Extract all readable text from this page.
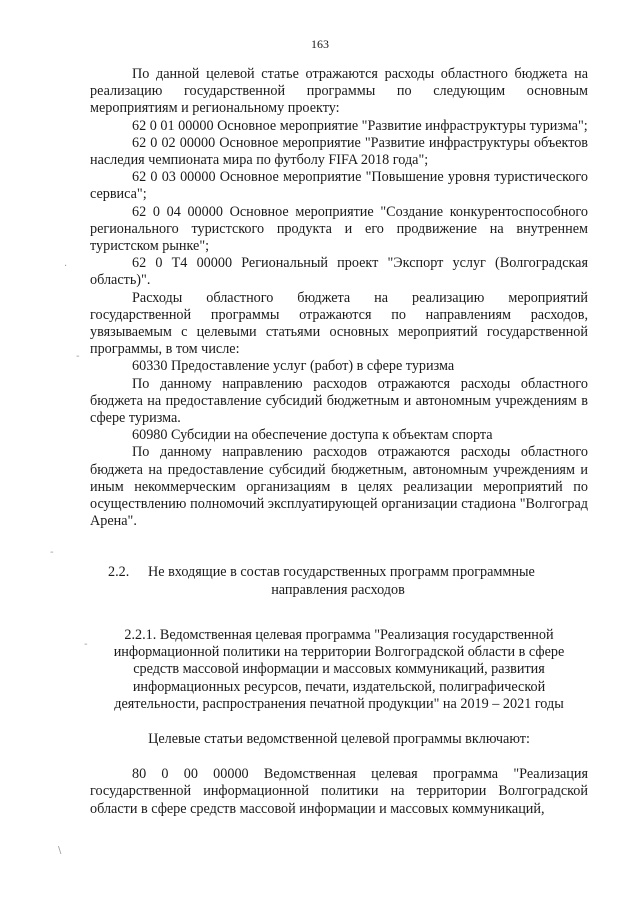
163

По данной целевой статье отражаются расходы областного бюджета на реализацию государственной программы по следующим основным мероприятиям и региональному проекту:

62 0 01 00000 Основное мероприятие "Развитие инфраструктуры туризма";

62 0 02 00000 Основное мероприятие "Развитие инфраструктуры объектов наследия чемпионата мира по футболу FIFA 2018 года";

62 0 03 00000 Основное мероприятие "Повышение уровня туристического сервиса";

62 0 04 00000 Основное мероприятие "Создание конкурентоспособного регионального туристского продукта и его продвижение на внутреннем туристском рынке";

62 0 Т4 00000 Региональный проект "Экспорт услуг (Волгоградская область)".

Расходы областного бюджета на реализацию мероприятий государственной программы отражаются по направлениям расходов, увязываемым с целевыми статьями основных мероприятий государственной программы, в том числе:

60330 Предоставление услуг (работ) в сфере туризма

По данному направлению расходов отражаются расходы областного бюджета на предоставление субсидий бюджетным и автономным учреждениям в сфере туризма.

60980 Субсидии на обеспечение доступа к объектам спорта

По данному направлению расходов отражаются расходы областного бюджета на предоставление субсидий бюджетным, автономным учреждениям и иным некоммерческим организациям в целях реализации мероприятий по осуществлению полномочий эксплуатирующей организации стадиона "Волгоград Арена".

2.2. Не входящие в состав государственных программ программные
направления расходов

2.2.1. Ведомственная целевая программа "Реализация государственной информационной политики на территории Волгоградской области в сфере средств массовой информации и массовых коммуникаций, развития информационных ресурсов, печати, издательской, полиграфической деятельности, распространения печатной продукции" на 2019 – 2021 годы

Целевые статьи ведомственной целевой программы включают:

80 0 00 00000 Ведомственная целевая программа "Реализация государственной информационной политики на территории Волгоградской области в сфере средств массовой информации и массовых коммуникаций,

·
-
-
-
\
